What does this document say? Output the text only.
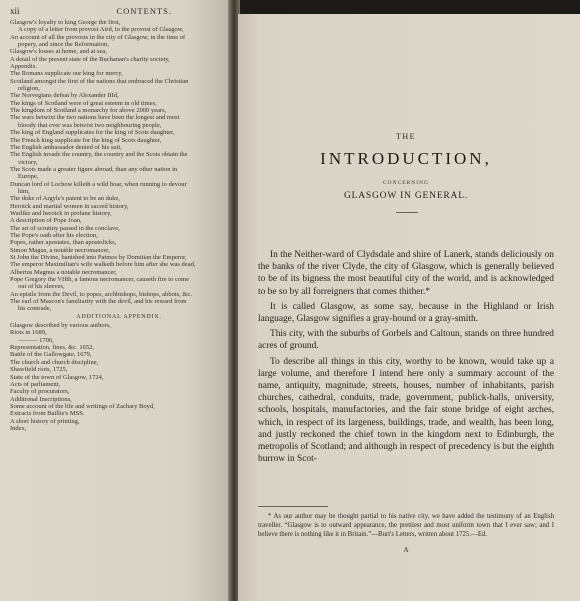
xii	CONTENTS.
Glasgow's loyalty to king George the first,
A copy of a letter from provost Aird, to the provost of Glasgow,
An account of all the provosts in the city of Glasgow, in the time of
popery, and since the Reformation,
Glasgow's losses at home, and at sea,
A detail of the present state of the Buchanan's charity society,
Appendix.
The Romans supplicate our king for mercy,
Scotland amongst the first of the nations that embraced the Christian
religion,
The Norvegians defeat by Alexander IIId,
The kings of Scotland were of great esteem in old times,
The kingdom of Scotland a monarchy for above 2000 years,
The wars betwixt the two nations have been the longest and most
bloody that ever was betwixt two neighbouring people,
The king of England supplicates for the king of Scots daughter,
The French king supplicate for the king of Scots daughter,
The English ambassador denied of his suit,
The English invade the country, the country and the Scots obtain the
victory,
The Scots made a greater figure abroad, than any other nation in
Europe,
Duncan lord of Lochow killeth a wild boar, when running to devour
him,
The duke of Argyle's patent to be an duke,
Heroick and martial women in sacred history,
Warlike and heroick in profane history,
A description of Pope Joan,
The art of scrutiny passed in the conclave,
The Pope's oath after his election,
Popes, rather apostates, than apostolicks,
Simon Magus, a notable necromancer,
St John the Divine, banished into Patmos by Domitian the Emperor,
The emperor Maximilian's wife walketh before him after she was dead,
Albertus Magnus a notable necromancer,
Pope Gregory the VIIth, a famous necromancer, causeth fire to come
out of his sleeves,
An epistle from the Devil, to popes, archbishops, bishops, abbots, &c.
The earl of Mascon's familiarity with the devil, and his reward from
his comrade,
ADDITIONAL APPENDIX.
Glasgow described by various authors,
Riots in 1689,
——— 1706,
Representation, fines, &c. 1652,
Battle of the Gallowgate, 1679,
The church and church discipline,
Shawfield riots, 1725,
State of the town of Glasgow, 1724,
Acts of parliament,
Faculty of procurators,
Additional Inscriptions,
Some account of the life and writings of Zachary Boyd,
Extracts from Baillie's MSS.
A short history of printing,
Index,
THE
INTRODUCTION,
CONCERNING
GLASGOW IN GENERAL.

In the Neither-ward of Clydsdale and shire of Lanerk, stands deliciously on the banks of the river Clyde, the city of Glasgow, which is generally believed to be of its bigness the most beautiful city of the world, and is acknowledged to be so by all forreigners that comes thither.*

It is called Glasgow, as some say, because in the Highland or Irish language, Glasgow signifies a gray-hound or a gray-smith.

This city, with the suburbs of Gorbels and Caltoun, stands on three hundred acres of ground.

To describe all things in this city, worthy to be known, would take up a large volume, and therefore I intend here only a summary account of the name, antiquity, magnitude, streets, houses, number of inhabitants, parish churches, cathedral, conduits, trade, government, publick-halls, university, schools, hospitals, manufactories, and the fair stone bridge of eight arches, which, in respect of its largeness, buildings, trade, and wealth, has been long, and justly reckoned the chief town in the kingdom next to Edinburgh, the metropolis of Scotland; and although in respect of precedency is but the eighth burrow in Scot-

* As our author may be thought partial to his native city, we have added the testimony of an English traveller. “Glasgow is to outward appearance, the prettiest and most uniform town that I ever saw; and I believe there is nothing like it in Britain.”—Burt's Letters, written about 1725.—Ed.

A
